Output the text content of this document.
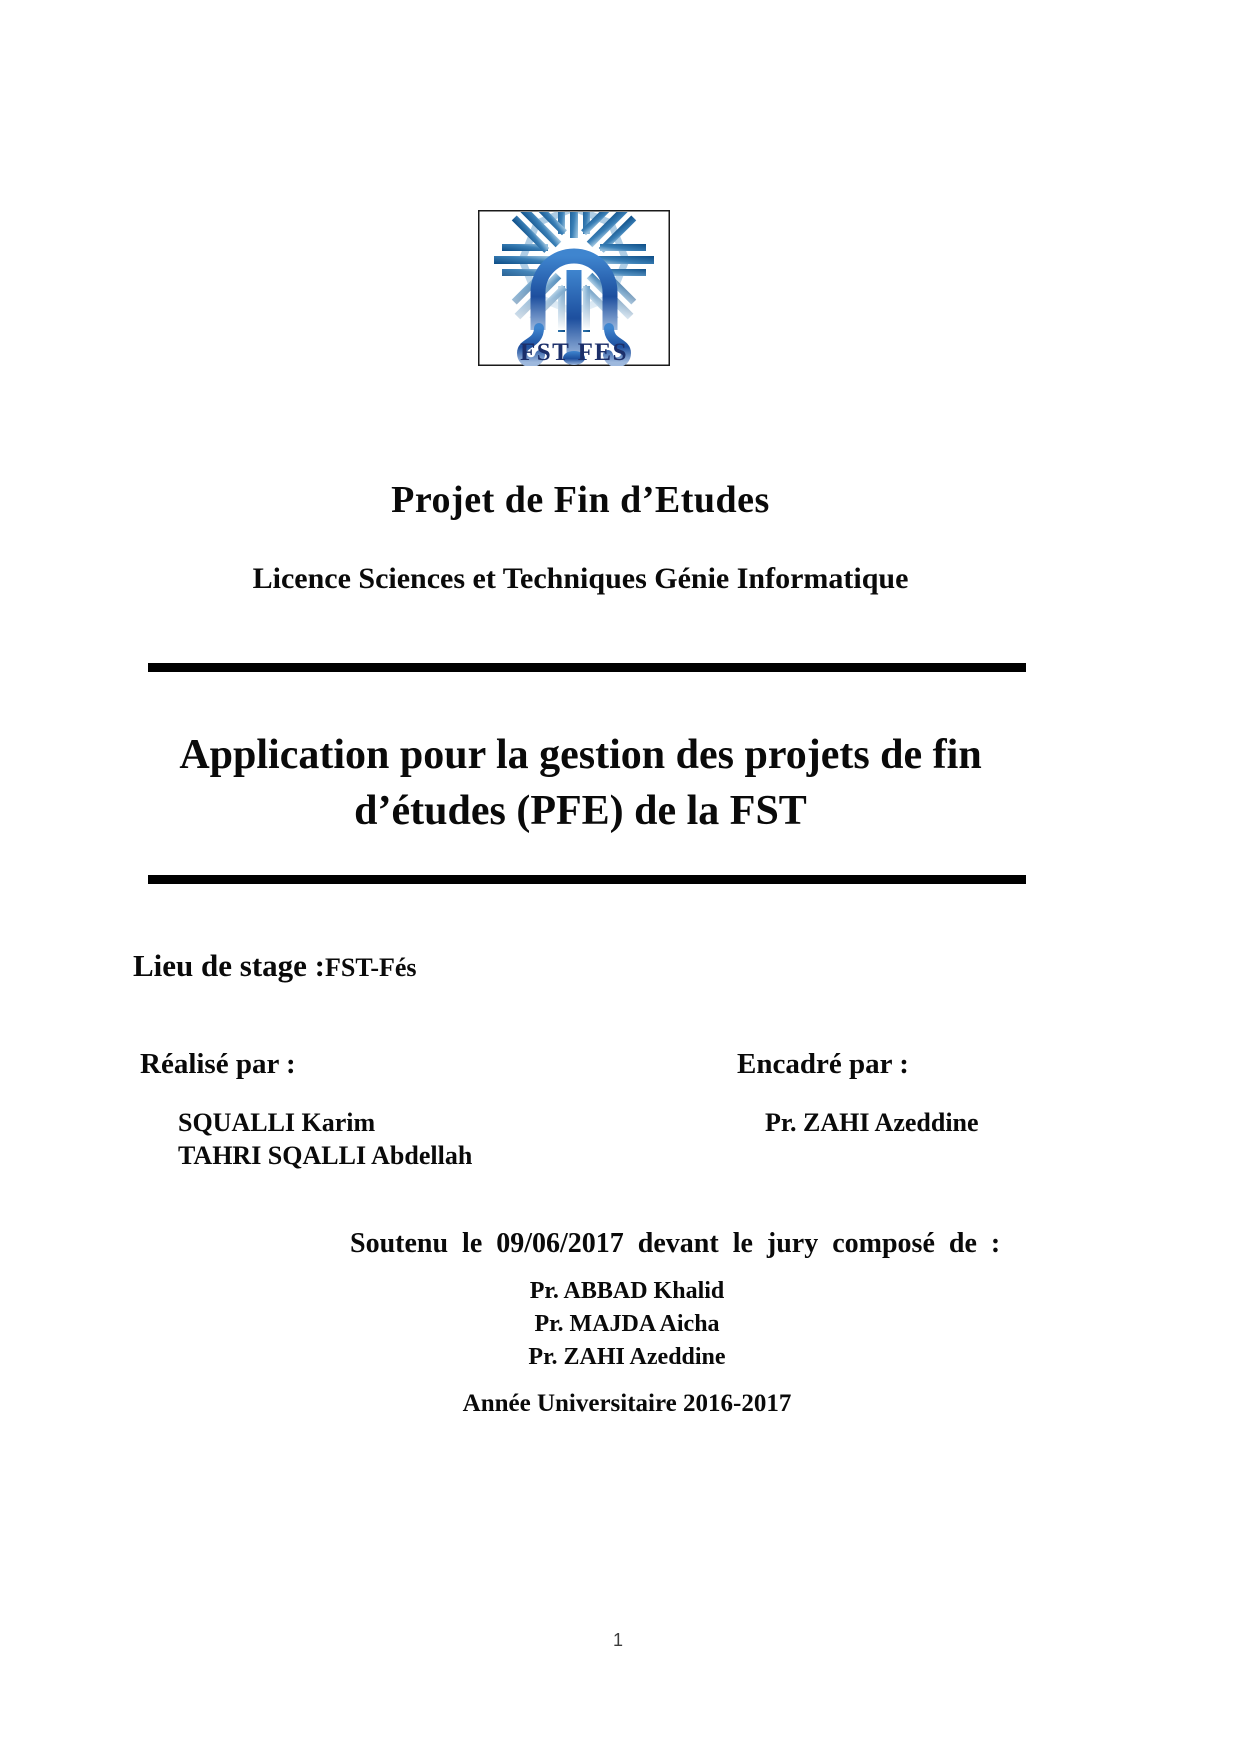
FST FES
Projet de Fin d’Etudes
Licence Sciences et Techniques Génie Informatique
Application pour la gestion des projets de fin
d’études (PFE) de la FST
Lieu de stage :FST-Fés
Réalisé par :	Encadré par :
SQUALLI Karim
TAHRI SQALLI Abdellah
Pr. ZAHI Azeddine
Soutenu le 09/06/2017 devant le jury composé de :
Pr. ABBAD Khalid
Pr. MAJDA Aicha
Pr. ZAHI Azeddine
Année Universitaire 2016-2017
1
